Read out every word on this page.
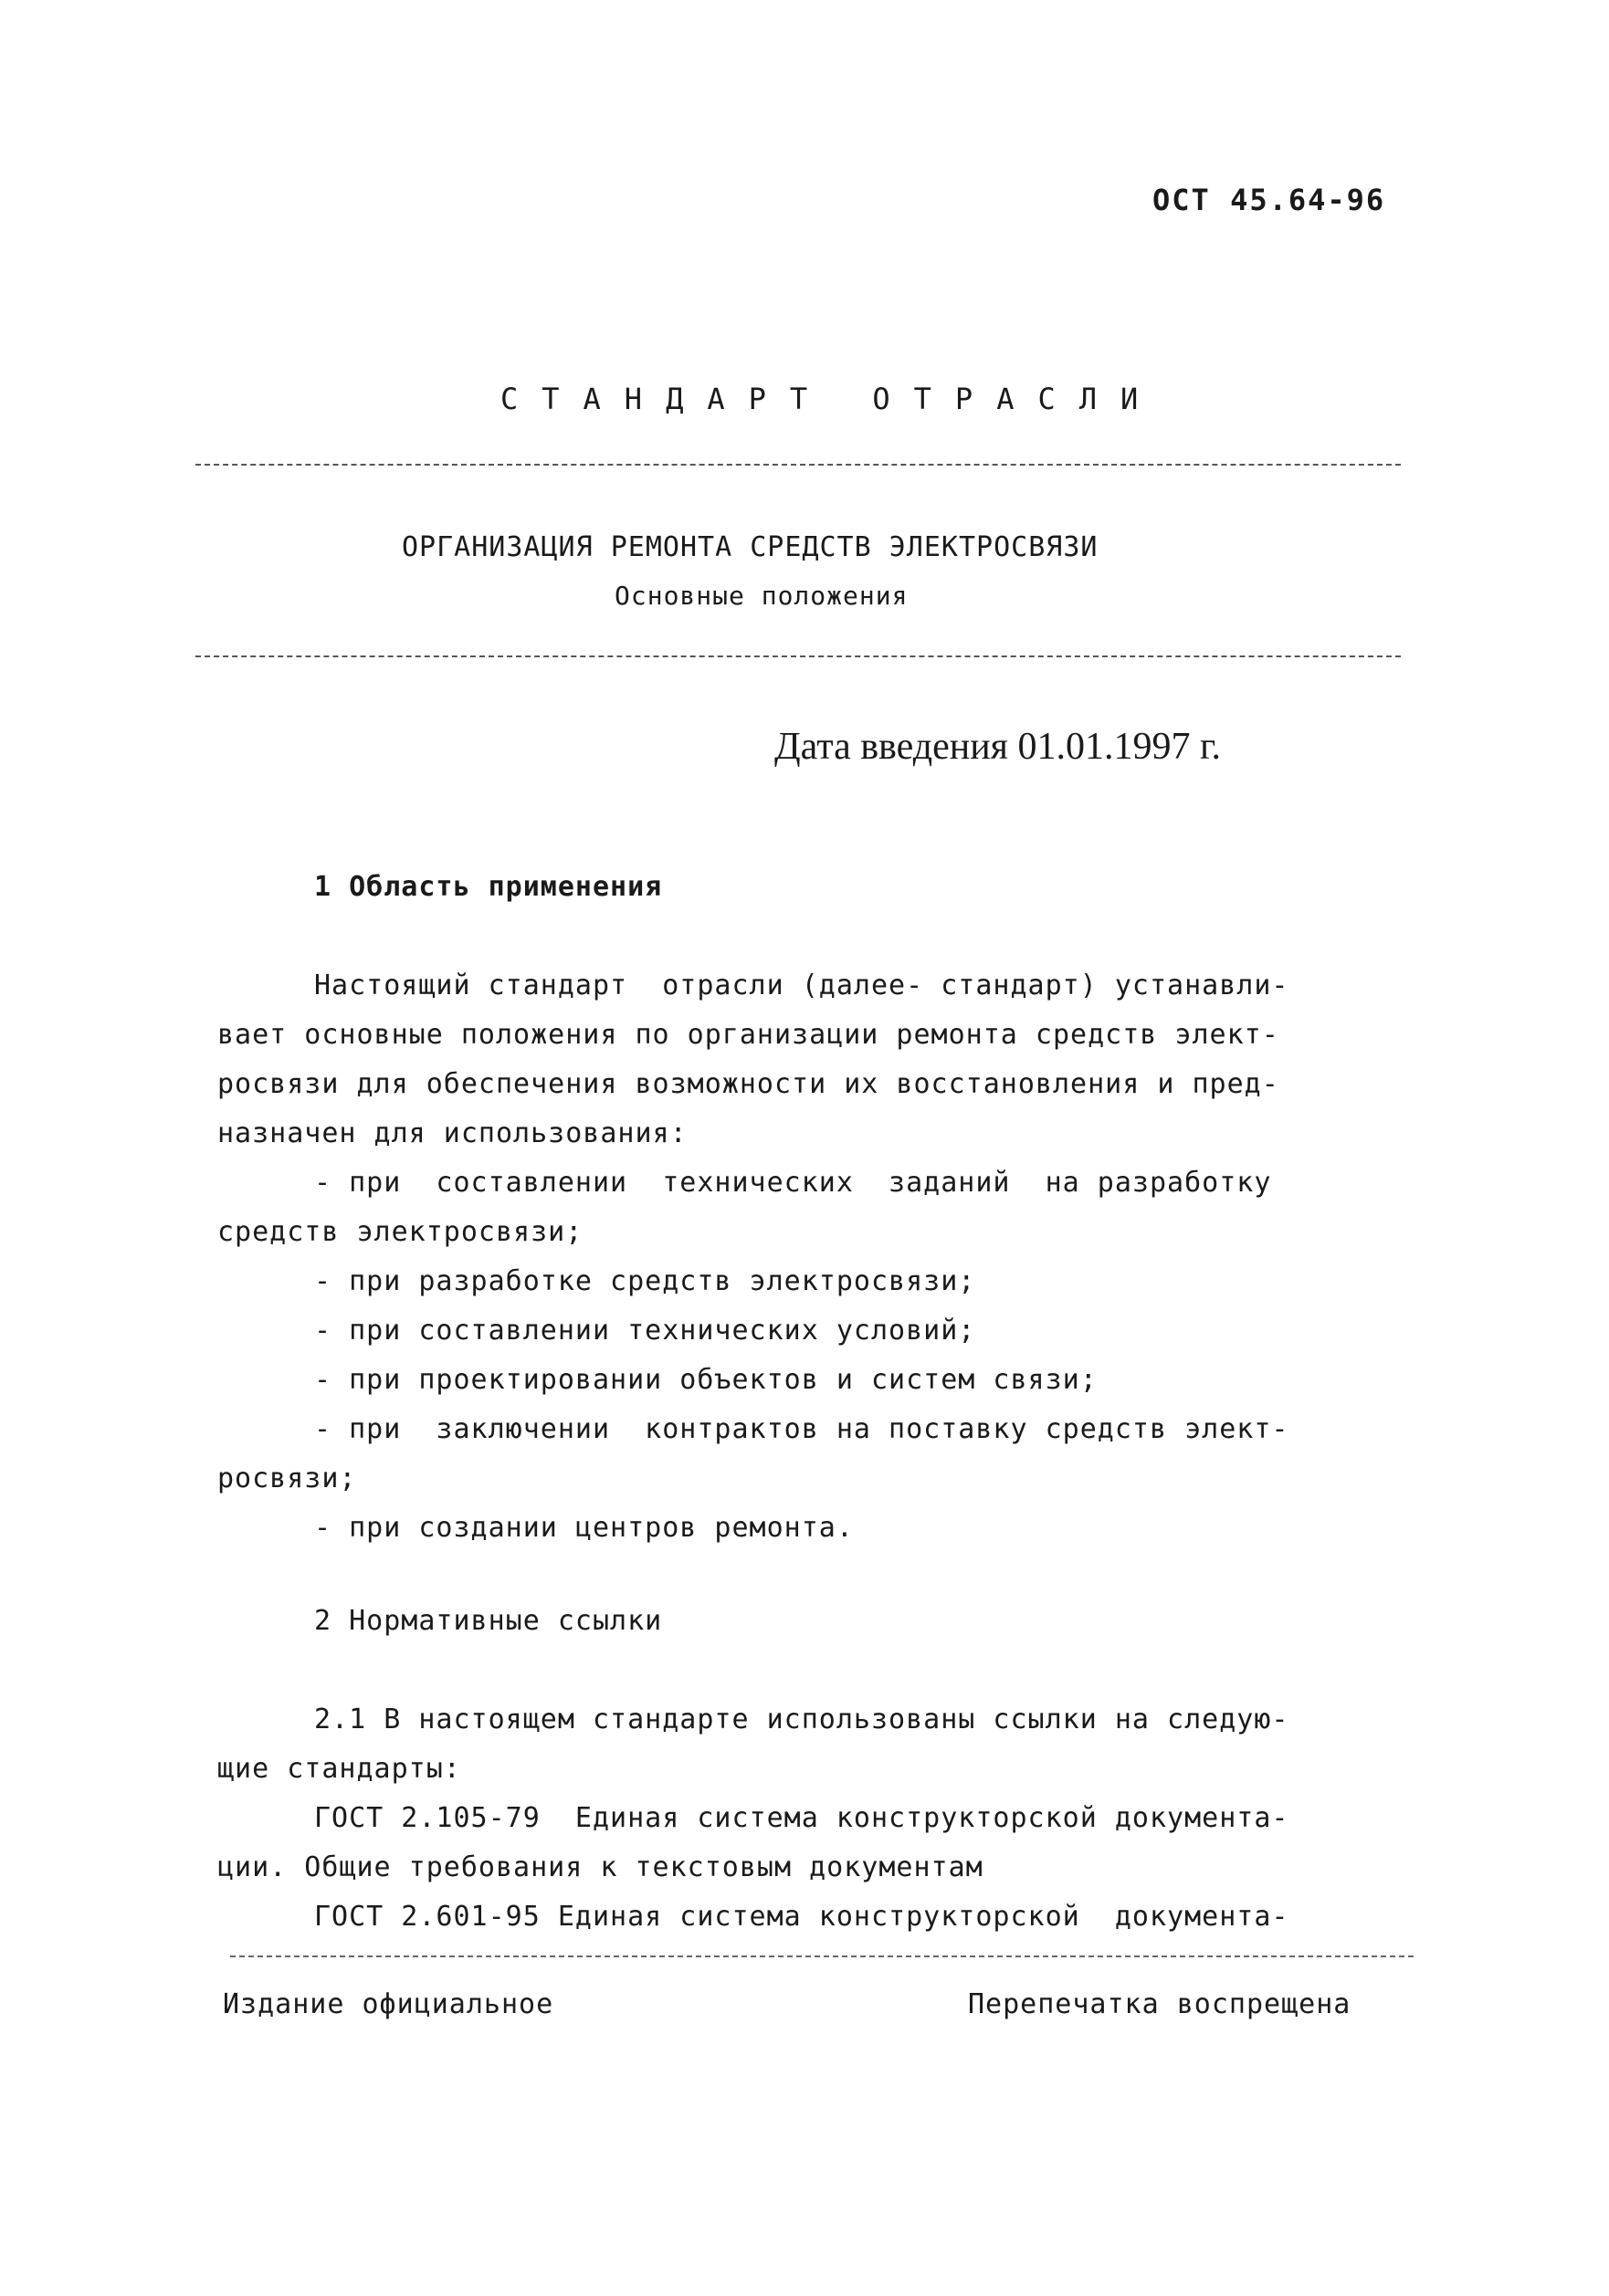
ОСТ 45.64-96
СТАНДАРТ ОТРАСЛИ
ОРГАНИЗАЦИЯ РЕМОНТА СРЕДСТВ ЭЛЕКТРОСВЯЗИ
Основные положения
Дата введения 01.01.1997 г.
1 Область применения
Настоящий стандарт  отрасли (далее- стандарт) устанавли-
вает основные положения по организации ремонта средств элект-
росвязи для обеспечения возможности их восстановления и пред-
назначен для использования:
- при  составлении  технических  заданий  на разработку
средств электросвязи;
- при разработке средств электросвязи;
- при составлении технических условий;
- при проектировании объектов и систем связи;
- при  заключении  контрактов на поставку средств элект-
росвязи;
- при создании центров ремонта.
2 Нормативные ссылки
2.1 В настоящем стандарте использованы ссылки на следую-
щие стандарты:
ГОСТ 2.105-79  Единая система конструкторской документа-
ции. Общие требования к текстовым документам
ГОСТ 2.601-95 Единая система конструкторской  документа-
Издание официальное	Перепечатка воспрещена
